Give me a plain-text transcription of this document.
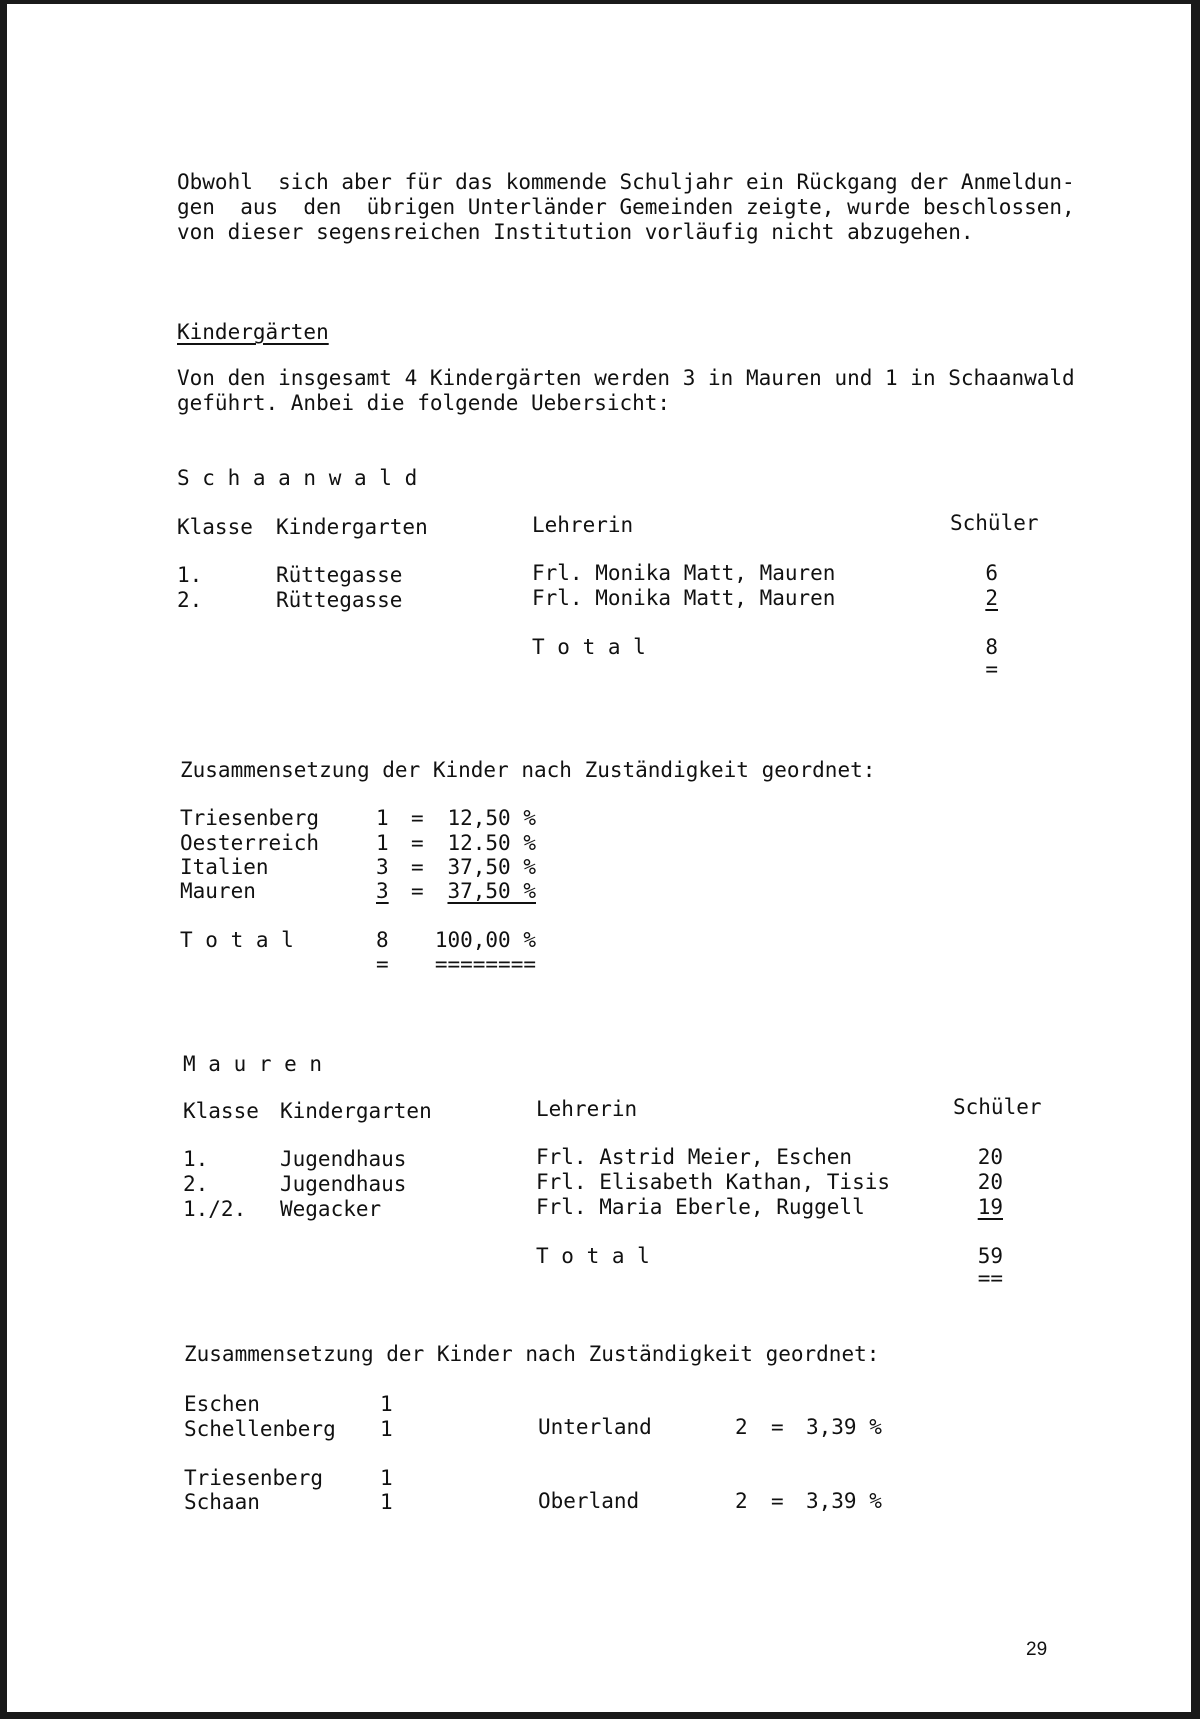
Obwohl  sich aber für das kommende Schuljahr ein Rückgang der Anmeldun-
gen  aus  den  übrigen Unterländer Gemeinden zeigte, wurde beschlossen,
von dieser segensreichen Institution vorläufig nicht abzugehen.
Kindergärten
Von den insgesamt 4 Kindergärten werden 3 in Mauren und 1 in Schaanwald
geführt. Anbei die folgende Uebersicht:
S c h a a n w a l d
Klasse Kindergarten	Lehrerin	Schüler
1.	Rüttegasse	Frl. Monika Matt, Mauren	6
2.	Rüttegasse	Frl. Monika Matt, Mauren	2
T o t a l	8
=
Zusammensetzung der Kinder nach Zuständigkeit geordnet:
Triesenberg	1 =	12,50 %
Oesterreich	1 =	12.50 %
Italien	3 =	37,50 %
Mauren	3 =	37,50 %
T o t a l	8 100,00 %
= ========
M a u r e n
Klasse Kindergarten	Lehrerin	Schüler
1.	Jugendhaus	Frl. Astrid Meier, Eschen	20
2.	Jugendhaus	Frl. Elisabeth Kathan, Tisis	20
1./2. Wegacker	Frl. Maria Eberle, Ruggell	19
T o t a l	59
==
Zusammensetzung der Kinder nach Zuständigkeit geordnet:
Eschen	1
Schellenberg 1	Unterland	2 = 3,39 %
Triesenberg	1
Schaan	1	Oberland	2 = 3,39 %
29
